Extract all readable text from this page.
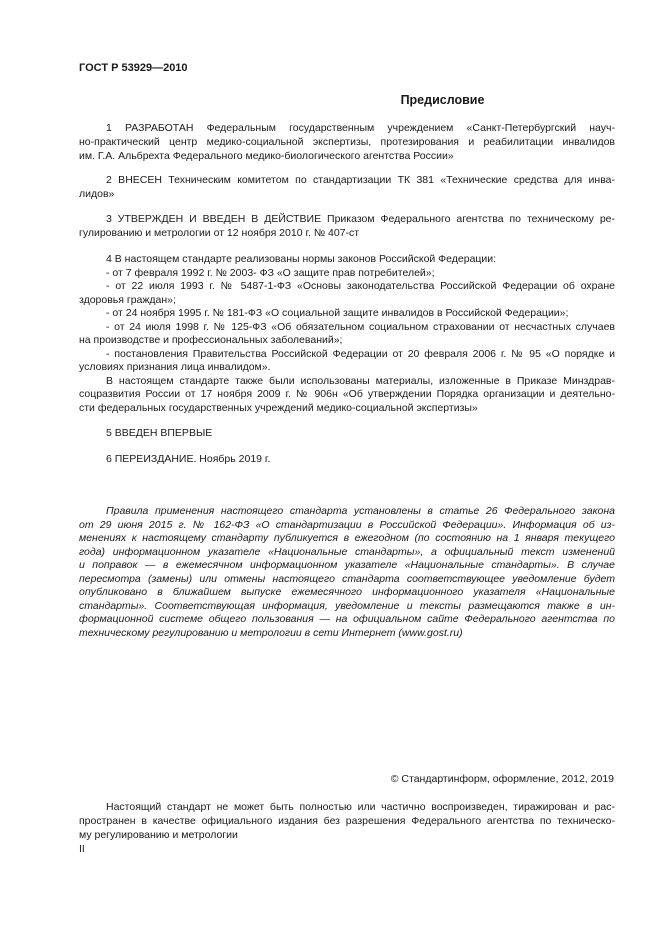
ГОСТ Р 53929—2010
Предисловие
1 РАЗРАБОТАН Федеральным государственным учреждением «Санкт-Петербургский науч-
но-практический центр медико-социальной экспертизы, протезирования и реабилитации инвалидов
им. Г.А. Альбрехта Федерального медико-биологического агентства России»
2 ВНЕСЕН Техническим комитетом по стандартизации ТК 381 «Технические средства для инва-
лидов»
3 УТВЕРЖДЕН И ВВЕДЕН В ДЕЙСТВИЕ Приказом Федерального агентства по техническому ре-
гулированию и метрологии от 12 ноября 2010 г. № 407-ст
4 В настоящем стандарте реализованы нормы законов Российской Федерации:
- от 7 февраля 1992 г. № 2003- ФЗ «О защите прав потребителей»;
- от 22 июля 1993 г. № 5487-1-ФЗ «Основы законодательства Российской Федерации об охране
здоровья граждан»;
- от 24 ноября 1995 г. № 181-ФЗ «О социальной защите инвалидов в Российской Федерации»;
- от 24 июля 1998 г. № 125-ФЗ «Об обязательном социальном страховании от несчастных случаев
на производстве и профессиональных заболеваний»;
- постановления Правительства Российской Федерации от 20 февраля 2006 г. № 95 «О порядке и
условиях признания лица инвалидом».
В настоящем стандарте также были использованы материалы, изложенные в Приказе Минздрав-
соцразвития России от 17 ноября 2009 г. № 906н «Об утверждении Порядка организации и деятельно-
сти федеральных государственных учреждений медико-социальной экспертизы»
5 ВВЕДЕН ВПЕРВЫЕ
6 ПЕРЕИЗДАНИЕ. Ноябрь 2019 г.
Правила применения настоящего стандарта установлены в статье 26 Федерального закона
от 29 июня 2015 г. № 162-ФЗ «О стандартизации в Российской Федерации». Информация об из-
менениях к настоящему стандарту публикуется в ежегодном (по состоянию на 1 января текущего
года) информационном указателе «Национальные стандарты», а официальный текст изменений
и поправок — в ежемесячном информационном указателе «Национальные стандарты». В случае
пересмотра (замены) или отмены настоящего стандарта соответствующее уведомление будет
опубликовано в ближайшем выпуске ежемесячного информационного указателя «Национальные
стандарты». Соответствующая информация, уведомление и тексты размещаются также в ин-
формационной системе общего пользования — на официальном сайте Федерального агентства по
техническому регулированию и метрологии в сети Интернет (www.gost.ru)
© Стандартинформ, оформление, 2012, 2019
Настоящий стандарт не может быть полностью или частично воспроизведен, тиражирован и рас-
пространен в качестве официального издания без разрешения Федерального агентства по техническо-
му регулированию и метрологии
II
